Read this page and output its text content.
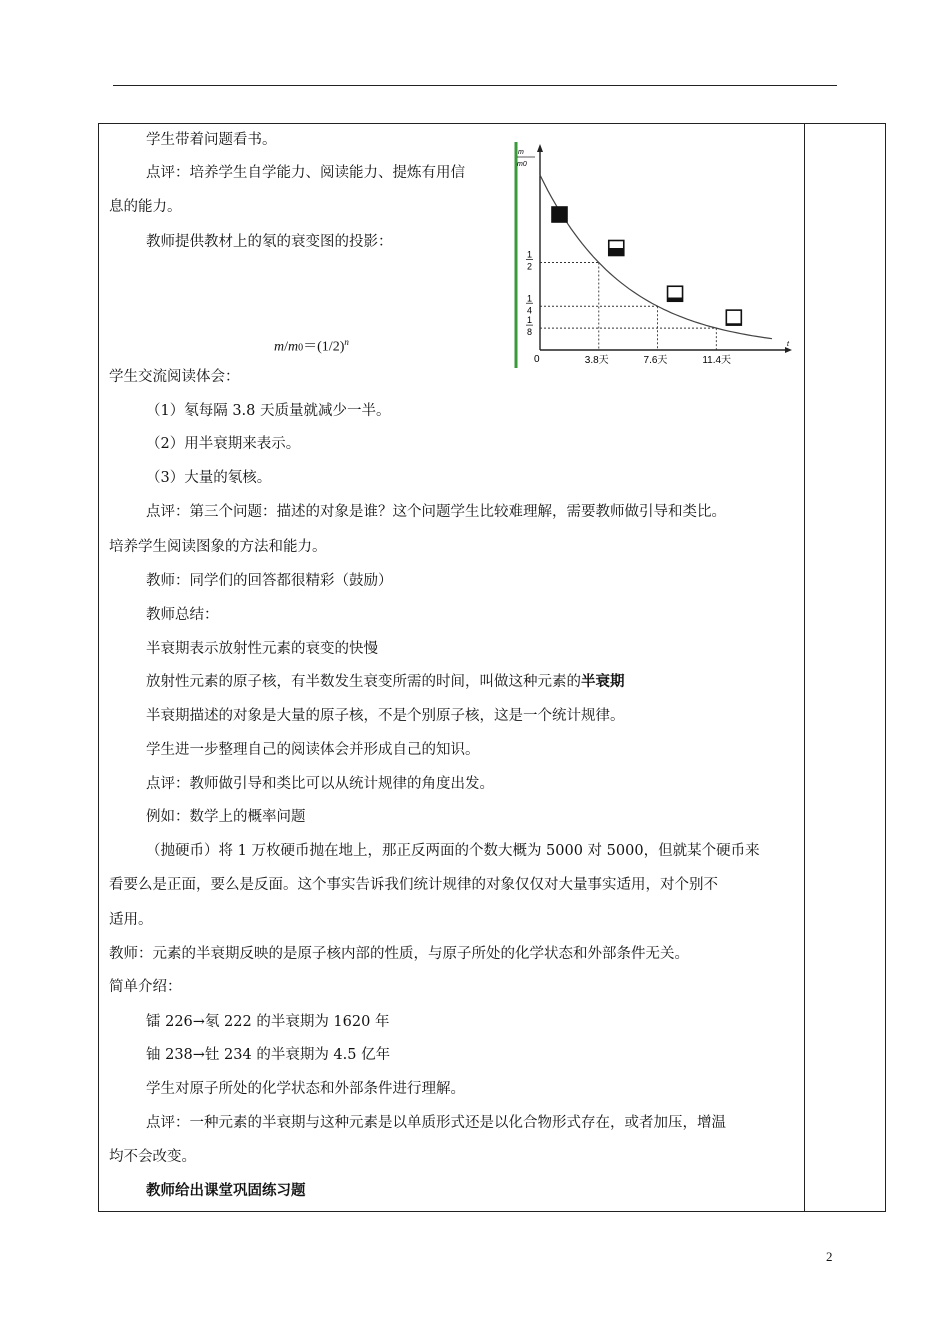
学生带着问题看书。
点评：培养学生自学能力、阅读能力、提炼有用信
息的能力。
教师提供教材上的氡的衰变图的投影：
$m/m0=(1/2)^n$
学生交流阅读体会：
（1）氡每隔 3.8 天质量就减少一半。
（2）用半衰期来表示。
（3）大量的氡核。
点评：第三个问题：描述的对象是谁？这个问题学生比较难理解，需要教师做引导和类比。
培养学生阅读图象的方法和能力。
教师：同学们的回答都很精彩（鼓励）
教师总结：
半衰期表示放射性元素的衰变的快慢
放射性元素的原子核，有半数发生衰变所需的时间，叫做这种元素的半衰期
半衰期描述的对象是大量的原子核，不是个别原子核，这是一个统计规律。
学生进一步整理自己的阅读体会并形成自己的知识。
点评：教师做引导和类比可以从统计规律的角度出发。
例如：数学上的概率问题
（抛硬币）将 1 万枚硬币抛在地上，那正反两面的个数大概为 5000 对 5000，但就某个硬币来
看要么是正面，要么是反面。这个事实告诉我们统计规律的对象仅仅对大量事实适用，对个别不
适用。
教师：元素的半衰期反映的是原子核内部的性质，与原子所处的化学状态和外部条件无关。
简单介绍：
镭 226→氡 222 的半衰期为 1620 年
铀 238→钍 234 的半衰期为 4.5 亿年
学生对原子所处的化学状态和外部条件进行理解。
点评：一种元素的半衰期与这种元素是以单质形式还是以化合物形式存在，或者加压，增温
均不会改变。
教师给出课堂巩固练习题
m
m0
t
0	3.8天
1
2
7.6天
1
4
11.4天
1
8
2
